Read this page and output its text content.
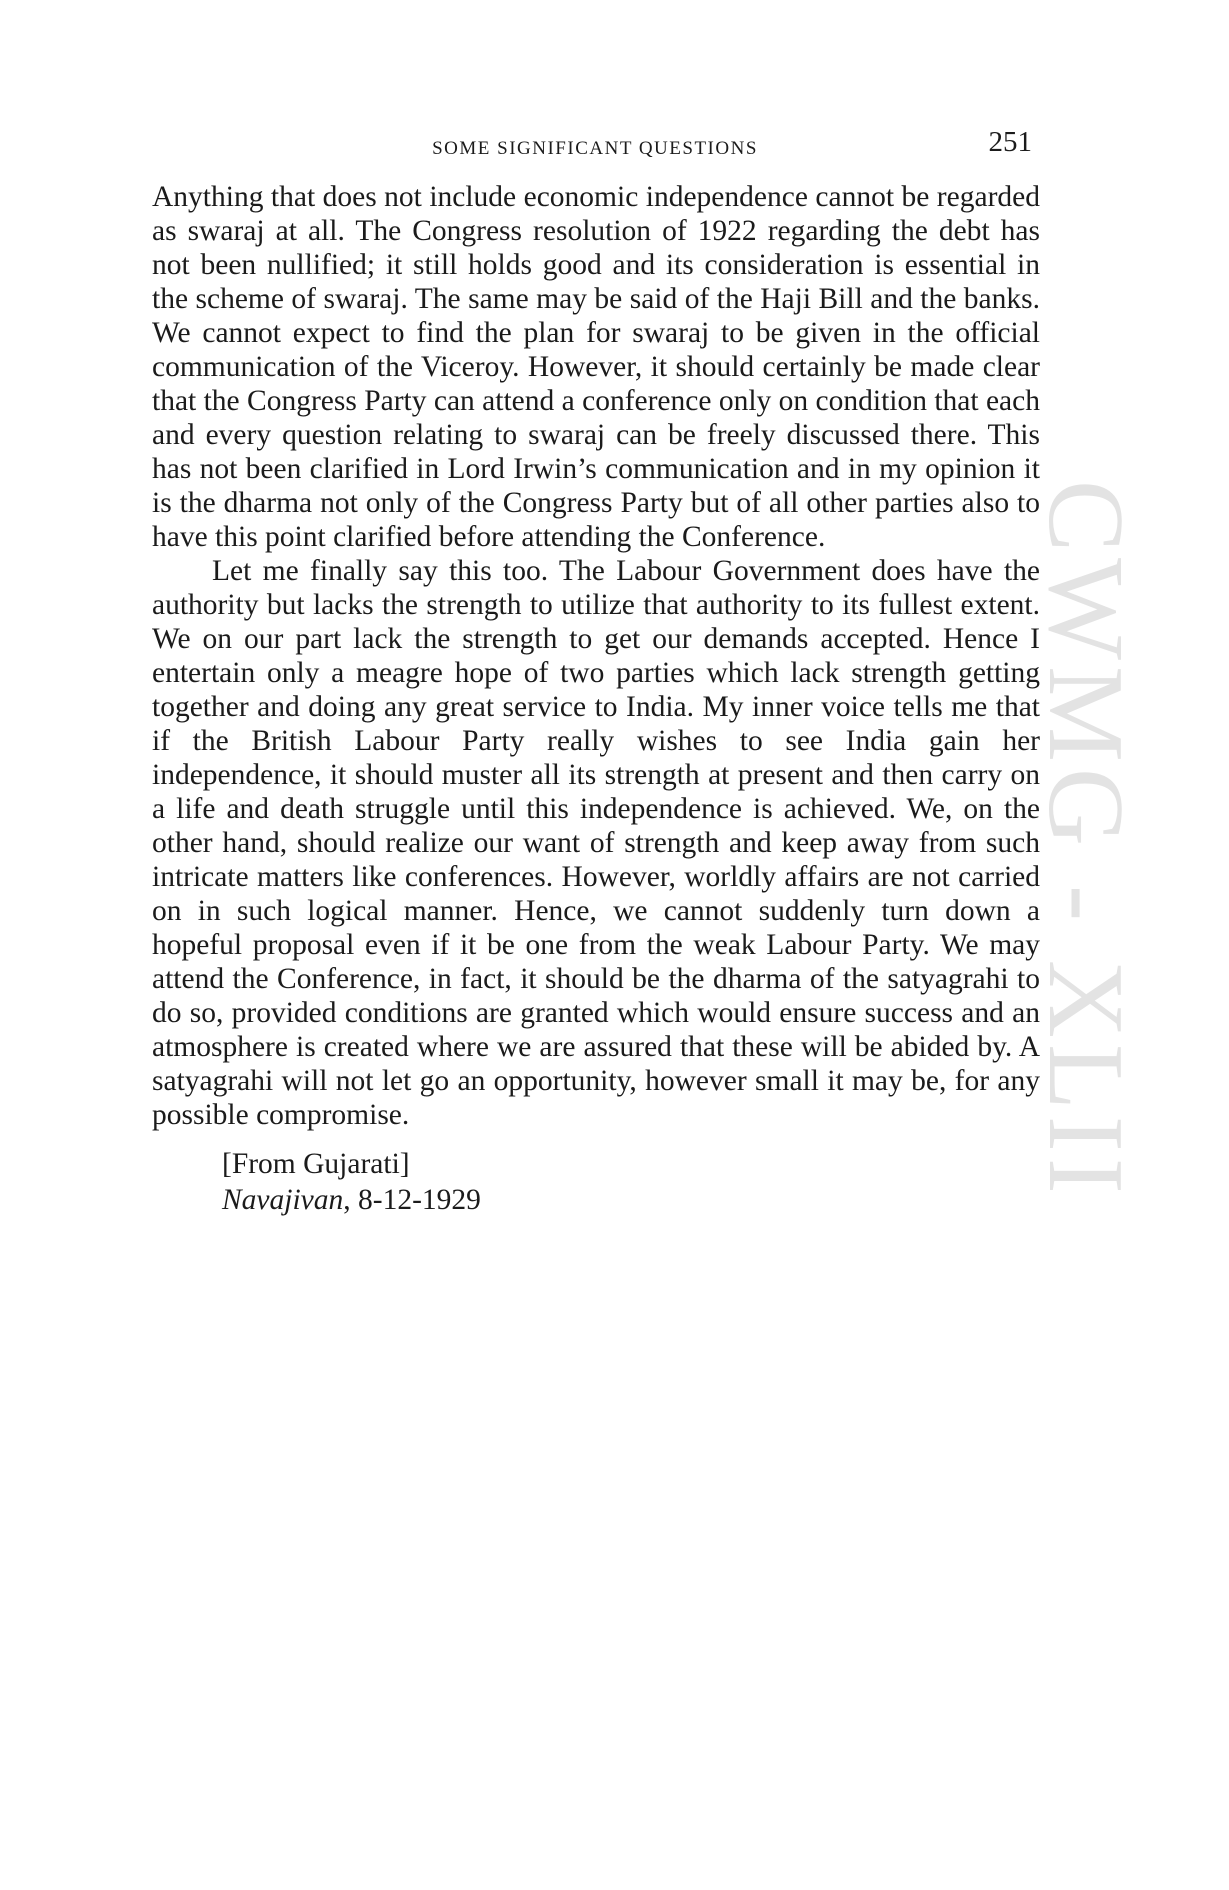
SOME SIGNIFICANT QUESTIONS	251
CWMG - XLII

Anything that does not include economic independence cannot be regarded as swaraj at all. The Congress resolution of 1922 regarding the debt has not been nullified; it still holds good and its consideration is essential in the scheme of swaraj. The same may be said of the Haji Bill and the banks. We cannot expect to find the plan for swaraj to be given in the official communication of the Viceroy. However, it should certainly be made clear that the Congress Party can attend a conference only on condition that each and every question relating to swaraj can be freely discussed there. This has not been clarified in Lord Irwin’s communication and in my opinion it is the dharma not only of the Congress Party but of all other parties also to have this point clarified before attending the Conference.

Let me finally say this too. The Labour Government does have the authority but lacks the strength to utilize that authority to its fullest extent. We on our part lack the strength to get our demands accepted. Hence I entertain only a meagre hope of two parties which lack strength getting together and doing any great service to India. My inner voice tells me that if the British Labour Party really wishes to see India gain her independence, it should muster all its strength at present and then carry on a life and death struggle until this independence is achieved. We, on the other hand, should realize our want of strength and keep away from such intricate matters like conferences. However, worldly affairs are not carried on in such logical manner. Hence, we cannot suddenly turn down a hopeful proposal even if it be one from the weak Labour Party. We may attend the Conference, in fact, it should be the dharma of the satyagrahi to do so, provided conditions are granted which would ensure success and an atmosphere is created where we are assured that these will be abided by. A satyagrahi will not let go an opportunity, however small it may be, for any possible compromise.

[From Gujarati]
Navajivan, 8-12-1929
